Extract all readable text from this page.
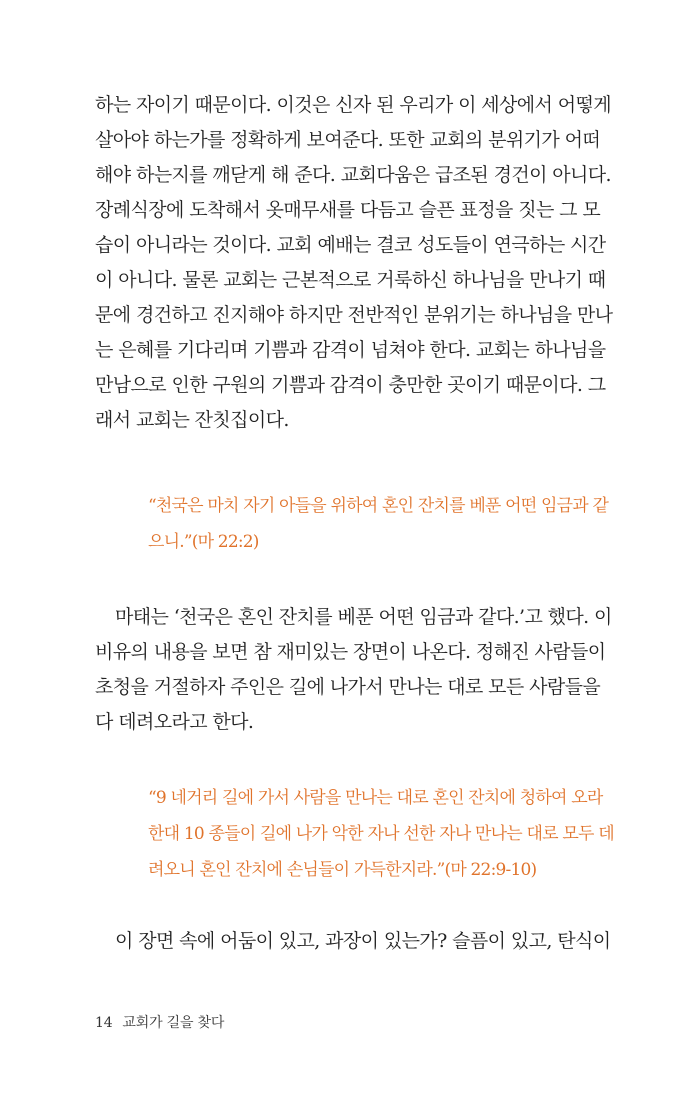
하는 자이기 때문이다. 이것은 신자 된 우리가 이 세상에서 어떻게
살아야 하는가를 정확하게 보여준다. 또한 교회의 분위기가 어떠
해야 하는지를 깨닫게 해 준다. 교회다움은 급조된 경건이 아니다.
장례식장에 도착해서 옷매무새를 다듬고 슬픈 표정을 짓는 그 모
습이 아니라는 것이다. 교회 예배는 결코 성도들이 연극하는 시간
이 아니다. 물론 교회는 근본적으로 거룩하신 하나님을 만나기 때
문에 경건하고 진지해야 하지만 전반적인 분위기는 하나님을 만나
는 은혜를 기다리며 기쁨과 감격이 넘쳐야 한다. 교회는 하나님을
만남으로 인한 구원의 기쁨과 감격이 충만한 곳이기 때문이다. 그
래서 교회는 잔칫집이다.
“천국은 마치 자기 아들을 위하여 혼인 잔치를 베푼 어떤 임금과 같
으니.”(마 22:2)
마태는 ‘천국은 혼인 잔치를 베푼 어떤 임금과 같다.’고 했다. 이
비유의 내용을 보면 참 재미있는 장면이 나온다. 정해진 사람들이
초청을 거절하자 주인은 길에 나가서 만나는 대로 모든 사람들을
다 데려오라고 한다.
“9 네거리 길에 가서 사람을 만나는 대로 혼인 잔치에 청하여 오라
한대 10 종들이 길에 나가 악한 자나 선한 자나 만나는 대로 모두 데
려오니 혼인 잔치에 손님들이 가득한지라.”(마 22:9-10)
이 장면 속에 어둠이 있고, 과장이 있는가? 슬픔이 있고, 탄식이
14 교회가 길을 찾다
